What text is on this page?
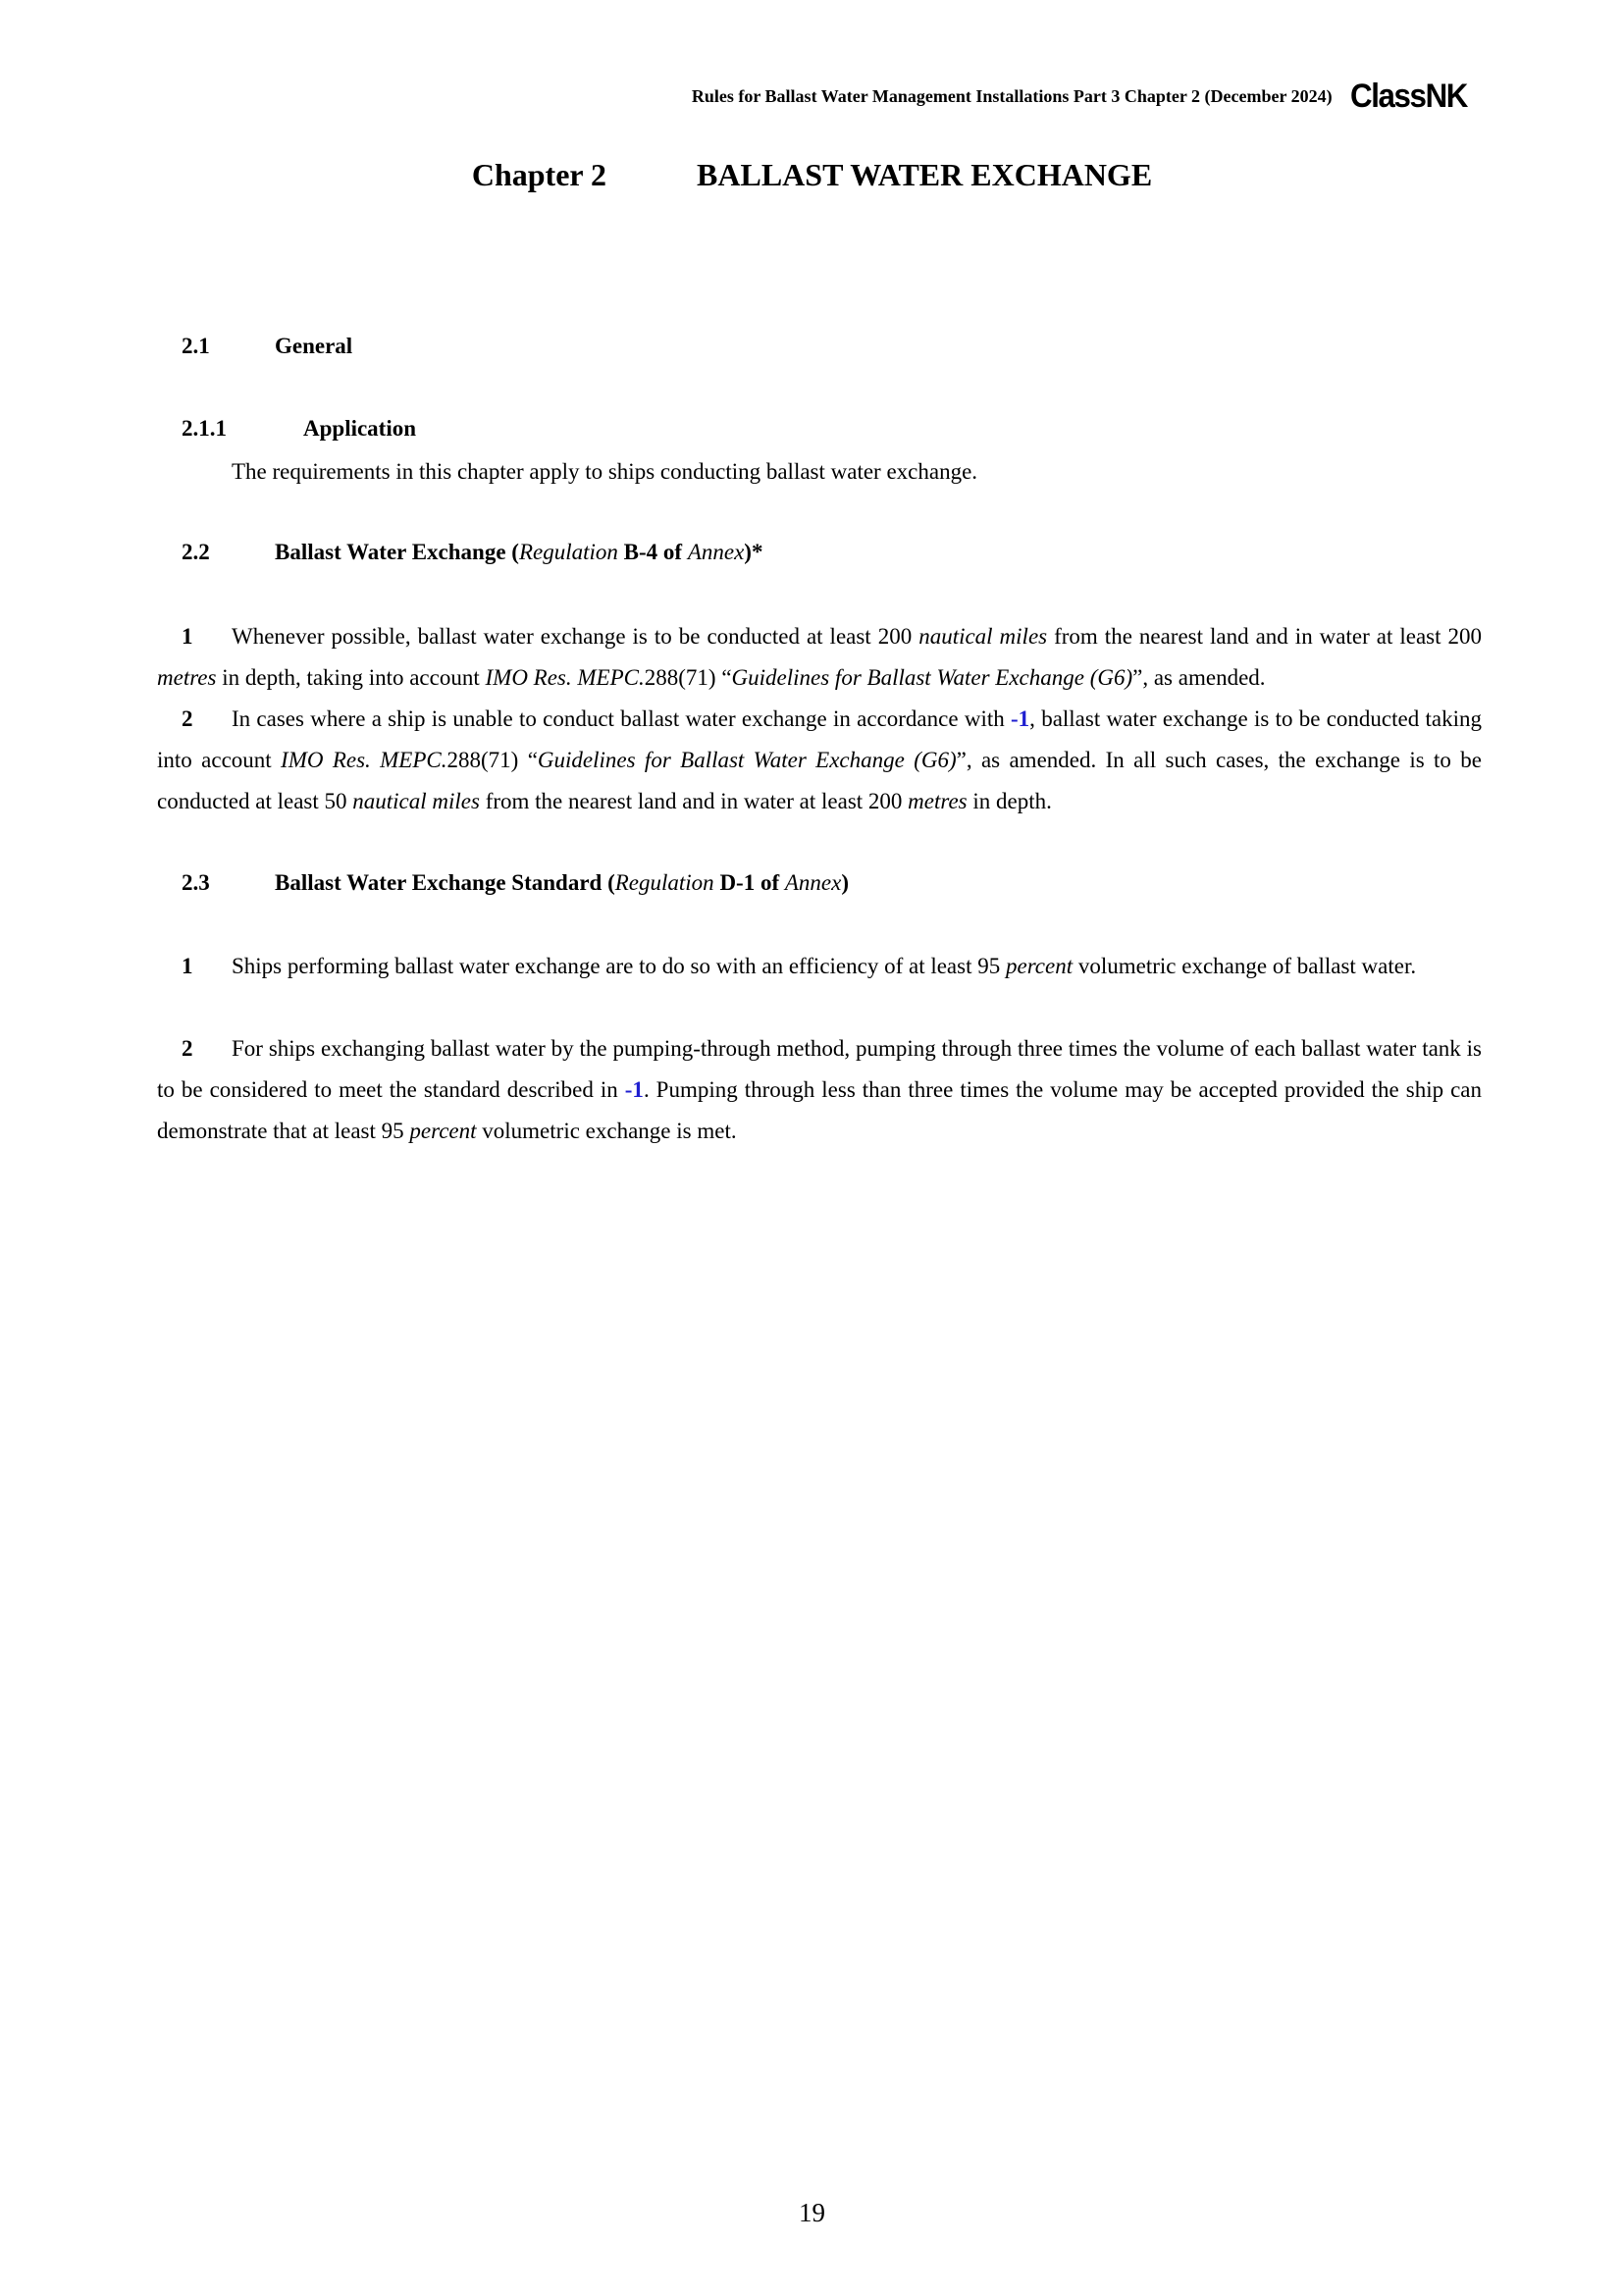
Rules for Ballast Water Management Installations Part 3 Chapter 2 (December 2024) ClassNK
Chapter 2	BALLAST WATER EXCHANGE
2.1	General
2.1.1	Application
The requirements in this chapter apply to ships conducting ballast water exchange.
2.2	Ballast Water Exchange (Regulation B-4 of Annex)*
1 Whenever possible, ballast water exchange is to be conducted at least 200 nautical miles from the nearest land and in water at least 200 metres in depth, taking into account IMO Res. MEPC.288(71) “Guidelines for Ballast Water Exchange (G6)”, as amended.
2 In cases where a ship is unable to conduct ballast water exchange in accordance with -1, ballast water exchange is to be conducted taking into account IMO Res. MEPC.288(71) “Guidelines for Ballast Water Exchange (G6)”, as amended. In all such cases, the exchange is to be conducted at least 50 nautical miles from the nearest land and in water at least 200 metres in depth.
2.3	Ballast Water Exchange Standard (Regulation D-1 of Annex)
1 Ships performing ballast water exchange are to do so with an efficiency of at least 95 percent volumetric exchange of ballast water.
2 For ships exchanging ballast water by the pumping-through method, pumping through three times the volume of each ballast water tank is to be considered to meet the standard described in -1. Pumping through less than three times the volume may be accepted provided the ship can demonstrate that at least 95 percent volumetric exchange is met.
19
